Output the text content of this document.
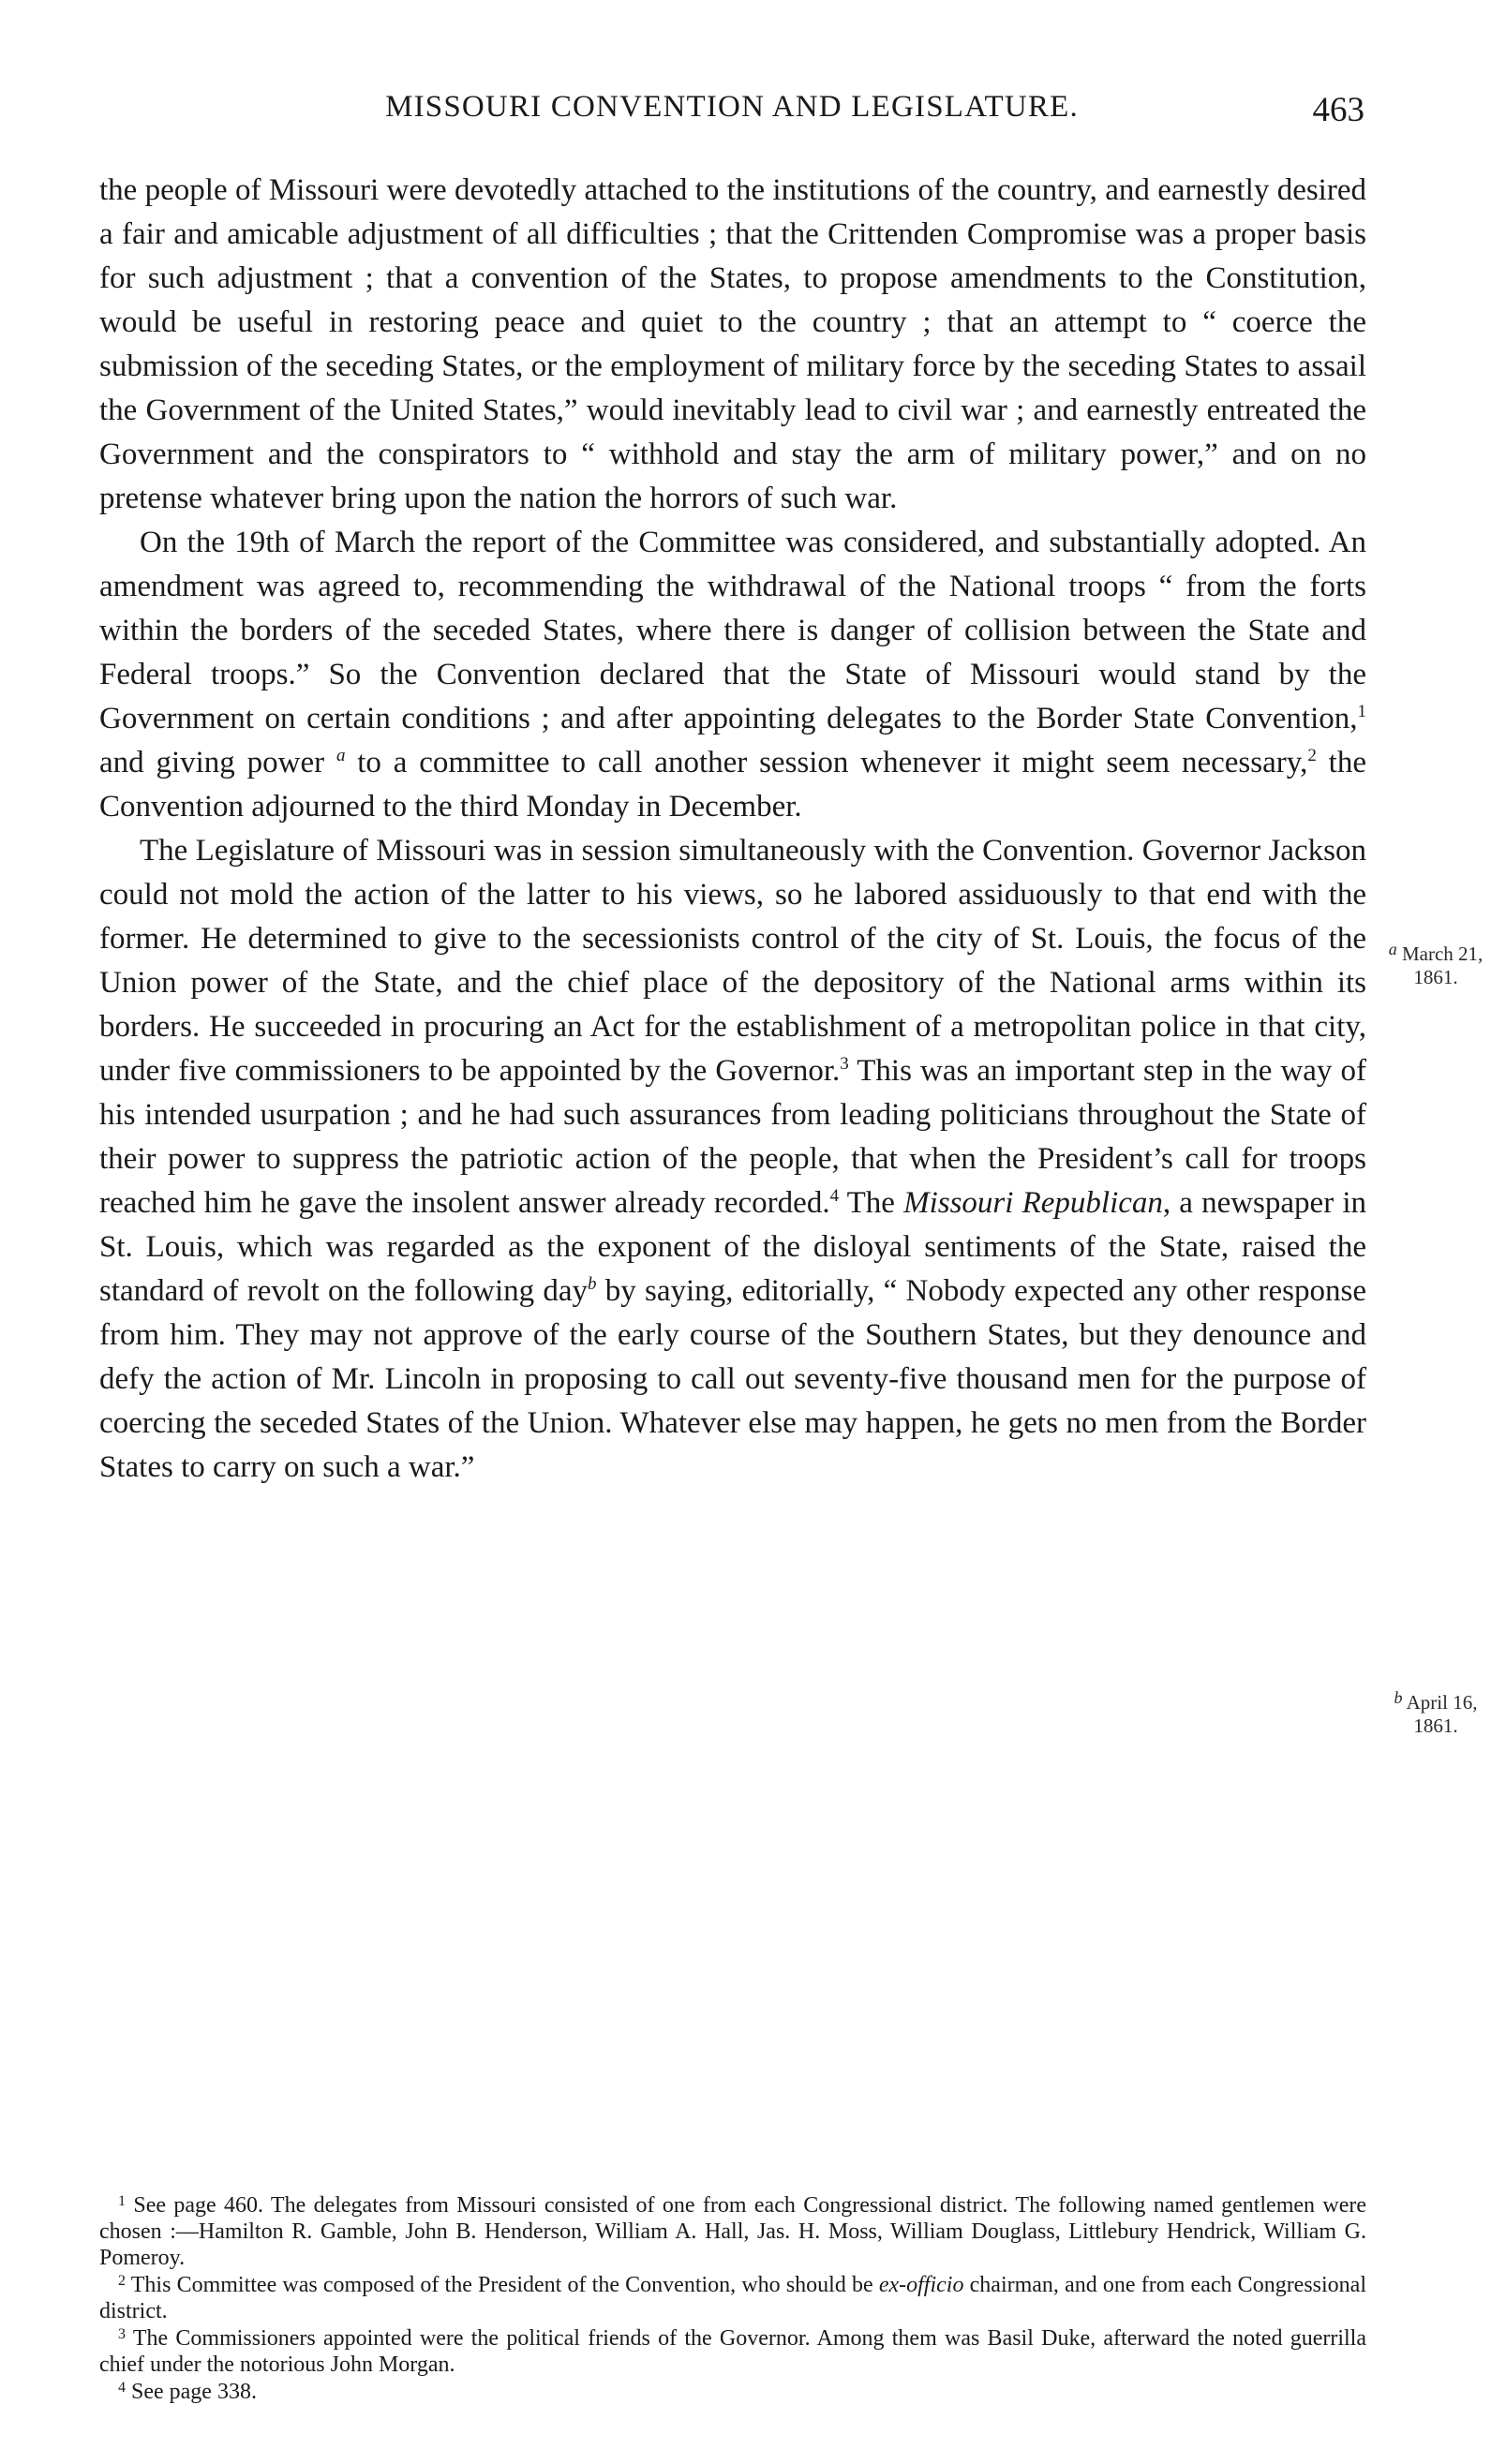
MISSOURI CONVENTION AND LEGISLATURE.	463

the people of Missouri were devotedly attached to the institutions of the country, and earnestly desired a fair and amicable adjustment of all difficulties ; that the Crittenden Compromise was a proper basis for such adjustment ; that a convention of the States, to propose amendments to the Constitution, would be useful in restoring peace and quiet to the country ; that an attempt to “ coerce the submission of the seceding States, or the employment of military force by the seceding States to assail the Government of the United States,” would inevitably lead to civil war ; and earnestly entreated the Government and the conspirators to “ withhold and stay the arm of military power,” and on no pretense whatever bring upon the nation the horrors of such war.

On the 19th of March the report of the Committee was considered, and substantially adopted. An amendment was agreed to, recommending the withdrawal of the National troops “ from the forts within the borders of the seceded States, where there is danger of collision between the State and Federal troops.” So the Convention declared that the State of Missouri would stand by the Government on certain conditions ; and after appointing delegates to the Border State Convention,$^1$ and giving power $^a$ to a committee to call another session whenever it might seem necessary,$^2$ the Convention adjourned to the third Monday in December.

The Legislature of Missouri was in session simultaneously with the Convention. Governor Jackson could not mold the action of the latter to his views, so he labored assiduously to that end with the former. He determined to give to the secessionists control of the city of St. Louis, the focus of the Union power of the State, and the chief place of the depository of the National arms within its borders. He succeeded in procuring an Act for the establishment of a metropolitan police in that city, under five commissioners to be appointed by the Governor.$^3$ This was an important step in the way of his intended usurpation ; and he had such assurances from leading politicians throughout the State of their power to suppress the patriotic action of the people, that when the President’s call for troops reached him he gave the insolent answer already recorded.$^4$ The Missouri Republican, a newspaper in St. Louis, which was regarded as the exponent of the disloyal sentiments of the State, raised the standard of revolt on the following day$^b$ by saying, editorially, “ Nobody expected any other response from him. They may not approve of the early course of the Southern States, but they denounce and defy the action of Mr. Lincoln in proposing to call out seventy-five thousand men for the purpose of coercing the seceded States of the Union. Whatever else may happen, he gets no men from the Border States to carry on such a war.”

a March 21,
1861.
b April 16,
1861.

$^1$ See page 460. The delegates from Missouri consisted of one from each Congressional district. The following named gentlemen were chosen :—Hamilton R. Gamble, John B. Henderson, William A. Hall, Jas. H. Moss, William Douglass, Littlebury Hendrick, William G. Pomeroy.

$^2$ This Committee was composed of the President of the Convention, who should be ex-officio chairman, and one from each Congressional district.

$^3$ The Commissioners appointed were the political friends of the Governor. Among them was Basil Duke, afterward the noted guerrilla chief under the notorious John Morgan.

$^4$ See page 338.
